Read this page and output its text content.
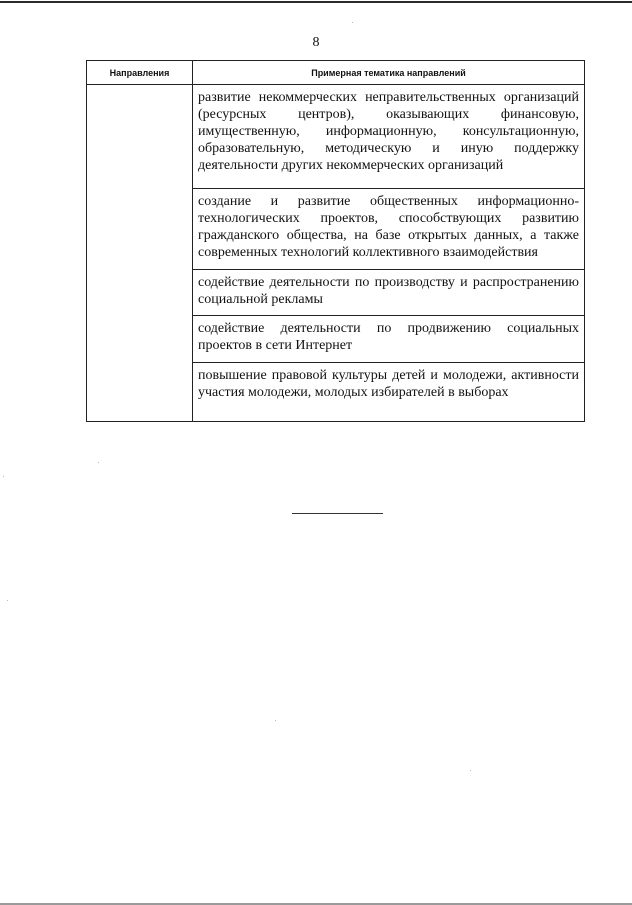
8
Направления	Примерная тематика направлений

	развитие некоммерческих неправительственных организаций (ресурсных центров), оказывающих финансовую, имущественную, информационную, консультационную, образовательную, методическую и иную поддержку деятельности других некоммерческих организаций
создание и развитие общественных информационно-технологических проектов, способствующих развитию гражданского общества, на базе открытых данных, а также современных технологий коллективного взаимодействия
содействие деятельности по производству и распространению социальной рекламы
содействие деятельности по продвижению социальных проектов в сети Интернет
повышение правовой культуры детей и молодежи, активности участия молодежи, молодых избирателей в выборах
